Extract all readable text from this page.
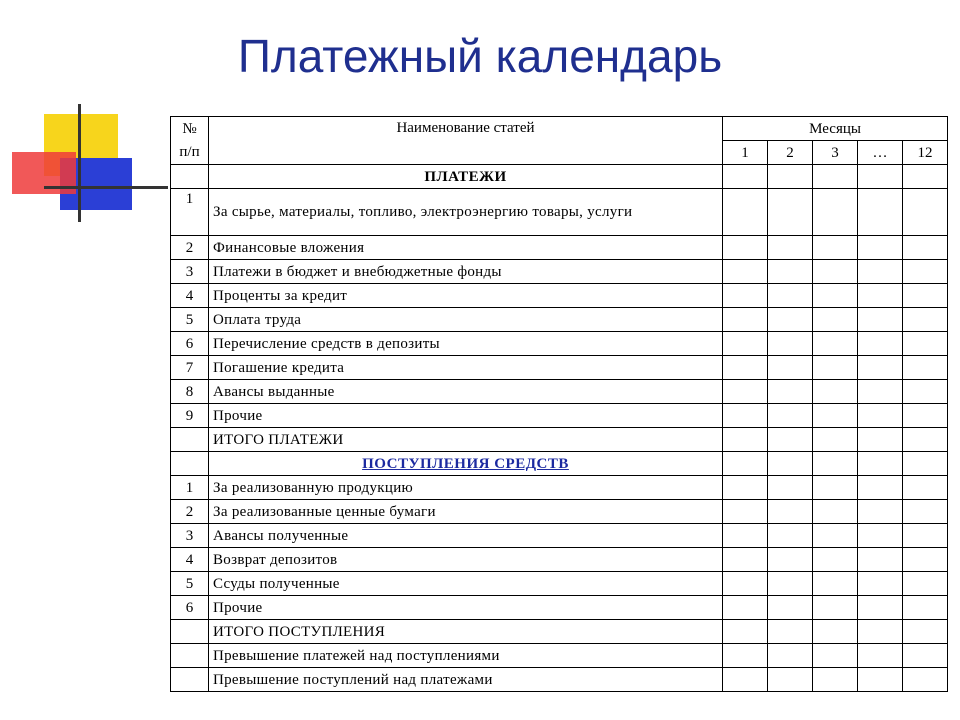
Платежный календарь
№	Наименование статей	Месяцы				
п/п		1	2	3	…	12
	ПЛАТЕЖИ					
1	За сырье, материалы, топливо, электроэнергию товары, услуги					
2	Финансовые вложения					
3	Платежи в бюджет и внебюджетные фонды					
4	Проценты за кредит					
5	Оплата труда					
6	Перечисление средств в депозиты					
7	Погашение кредита					
8	Авансы выданные					
9	Прочие					
	ИТОГО ПЛАТЕЖИ					
	ПОСТУПЛЕНИЯ СРЕДСТВ					
1	За реализованную продукцию					
2	За реализованные ценные бумаги					
3	Авансы полученные					
4	Возврат депозитов					
5	Ссуды полученные					
6	Прочие					
	ИТОГО ПОСТУПЛЕНИЯ					
	Превышение платежей над поступлениями					
	Превышение поступлений над платежами					
